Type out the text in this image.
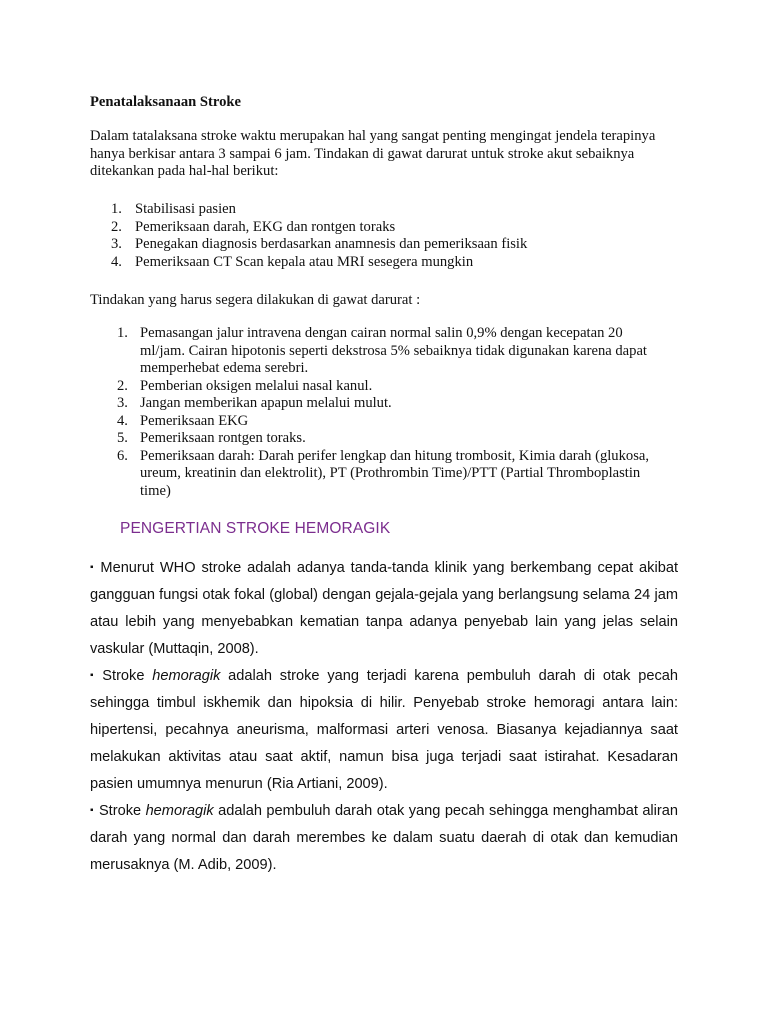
Penatalaksanaan Stroke

Dalam tatalaksana stroke waktu merupakan hal yang sangat penting mengingat jendela terapinya hanya berkisar antara 3 sampai 6 jam. Tindakan di gawat darurat untuk stroke akut sebaiknya ditekankan pada hal-hal berikut:

1. Stabilisasi pasien
2. Pemeriksaan darah, EKG dan rontgen toraks
3. Penegakan diagnosis berdasarkan anamnesis dan pemeriksaan fisik
4. Pemeriksaan CT Scan kepala atau MRI sesegera mungkin

Tindakan yang harus segera dilakukan di gawat darurat :

1. Pemasangan jalur intravena dengan cairan normal salin 0,9% dengan kecepatan 20 ml/jam. Cairan hipotonis seperti dekstrosa 5% sebaiknya tidak digunakan karena dapat memperhebat edema serebri.
2. Pemberian oksigen melalui nasal kanul.
3. Jangan memberikan apapun melalui mulut.
4. Pemeriksaan EKG
5. Pemeriksaan rontgen toraks.
6. Pemeriksaan darah: Darah perifer lengkap dan hitung trombosit, Kimia darah (glukosa, ureum, kreatinin dan elektrolit), PT (Prothrombin Time)/PTT (Partial Thromboplastin time)
PENGERTIAN STROKE HEMORAGIK

▪ Menurut WHO stroke adalah adanya tanda-tanda klinik yang berkembang cepat akibat gangguan fungsi otak fokal (global) dengan gejala-gejala yang berlangsung selama 24 jam atau lebih yang menyebabkan kematian tanpa adanya penyebab lain yang jelas selain vaskular (Muttaqin, 2008).

▪ Stroke hemoragik adalah stroke yang terjadi karena pembuluh darah di otak pecah sehingga timbul iskhemik dan hipoksia di hilir. Penyebab stroke hemoragi antara lain: hipertensi, pecahnya aneurisma, malformasi arteri venosa. Biasanya kejadiannya saat melakukan aktivitas atau saat aktif, namun bisa juga terjadi saat istirahat. Kesadaran pasien umumnya menurun (Ria Artiani, 2009).

▪ Stroke hemoragik adalah pembuluh darah otak yang pecah sehingga menghambat aliran darah yang normal dan darah merembes ke dalam suatu daerah di otak dan kemudian merusaknya (M. Adib, 2009).
